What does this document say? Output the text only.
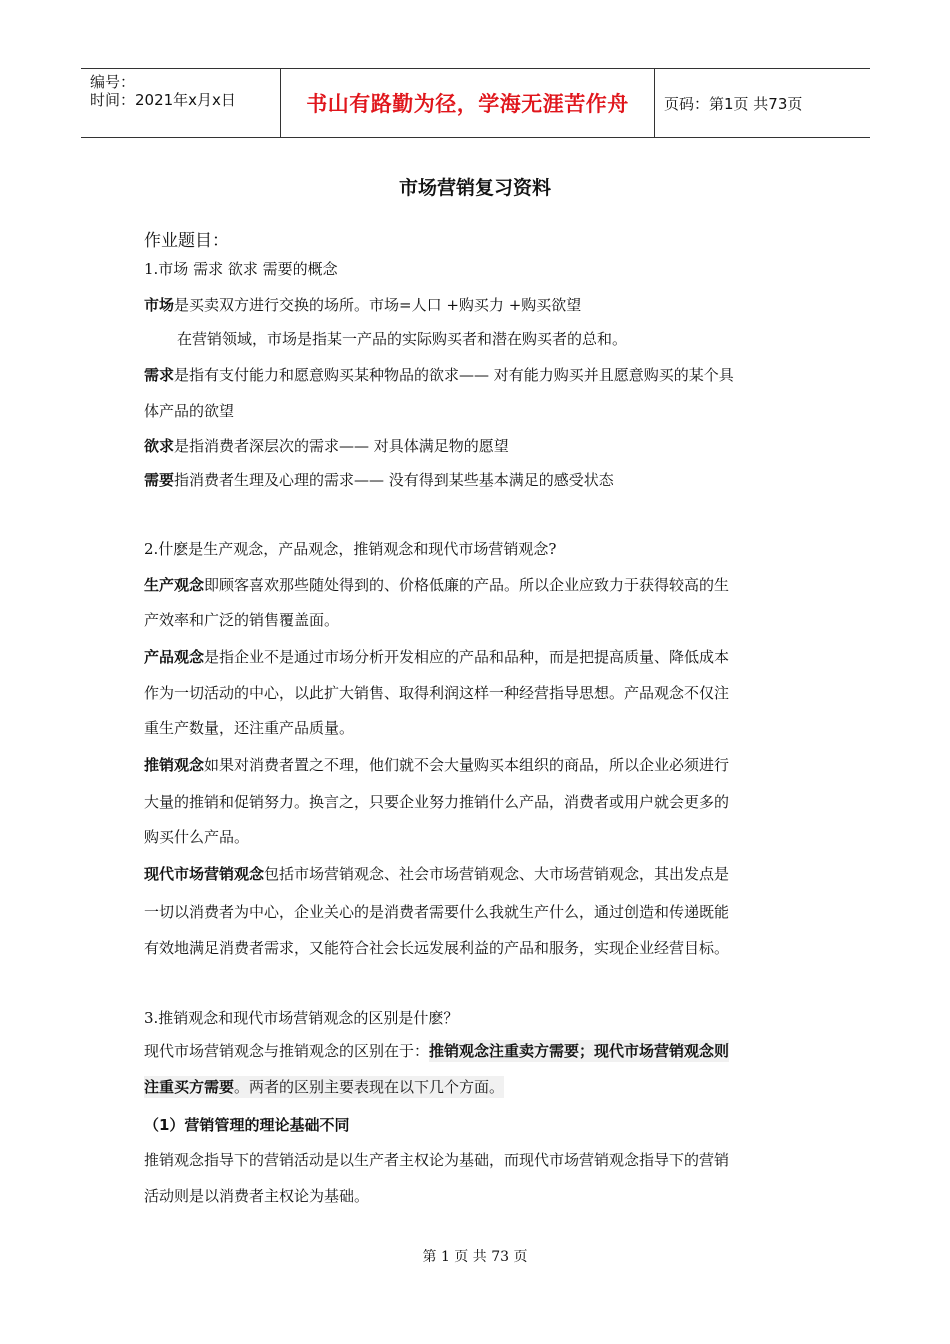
编号：
时间：2021年x月x日	书山有路勤为径，学海无涯苦作舟	页码：第1页 共73页
市场营销复习资料
作业题目：
1.市场 需求 欲求 需要的概念
市场是买卖双方进行交换的场所。市场=人口 +购买力 +购买欲望
在营销领域，市场是指某一产品的实际购买者和潜在购买者的总和。
需求是指有支付能力和愿意购买某种物品的欲求—— 对有能力购买并且愿意购买的某个具
体产品的欲望
欲求是指消费者深层次的需求—— 对具体满足物的愿望
需要指消费者生理及心理的需求—— 没有得到某些基本满足的感受状态
2.什麽是生产观念，产品观念，推销观念和现代市场营销观念?
生产观念即顾客喜欢那些随处得到的、价格低廉的产品。所以企业应致力于获得较高的生
产效率和广泛的销售覆盖面。
产品观念是指企业不是通过市场分析开发相应的产品和品种，而是把提高质量、降低成本
作为一切活动的中心，以此扩大销售、取得利润这样一种经营指导思想。产品观念不仅注
重生产数量，还注重产品质量。
推销观念如果对消费者置之不理，他们就不会大量购买本组织的商品，所以企业必须进行
大量的推销和促销努力。换言之，只要企业努力推销什么产品，消费者或用户就会更多的
购买什么产品。
现代市场营销观念包括市场营销观念、社会市场营销观念、大市场营销观念，其出发点是
一切以消费者为中心，企业关心的是消费者需要什么我就生产什么，通过创造和传递既能
有效地满足消费者需求，又能符合社会长远发展利益的产品和服务，实现企业经营目标。
3.推销观念和现代市场营销观念的区别是什麽？
现代市场营销观念与推销观念的区别在于：推销观念注重卖方需要；现代市场营销观念则
注重买方需要。两者的区别主要表现在以下几个方面。
（1）营销管理的理论基础不同
推销观念指导下的营销活动是以生产者主权论为基础，而现代市场营销观念指导下的营销
活动则是以消费者主权论为基础。
第 1 页 共 73 页
